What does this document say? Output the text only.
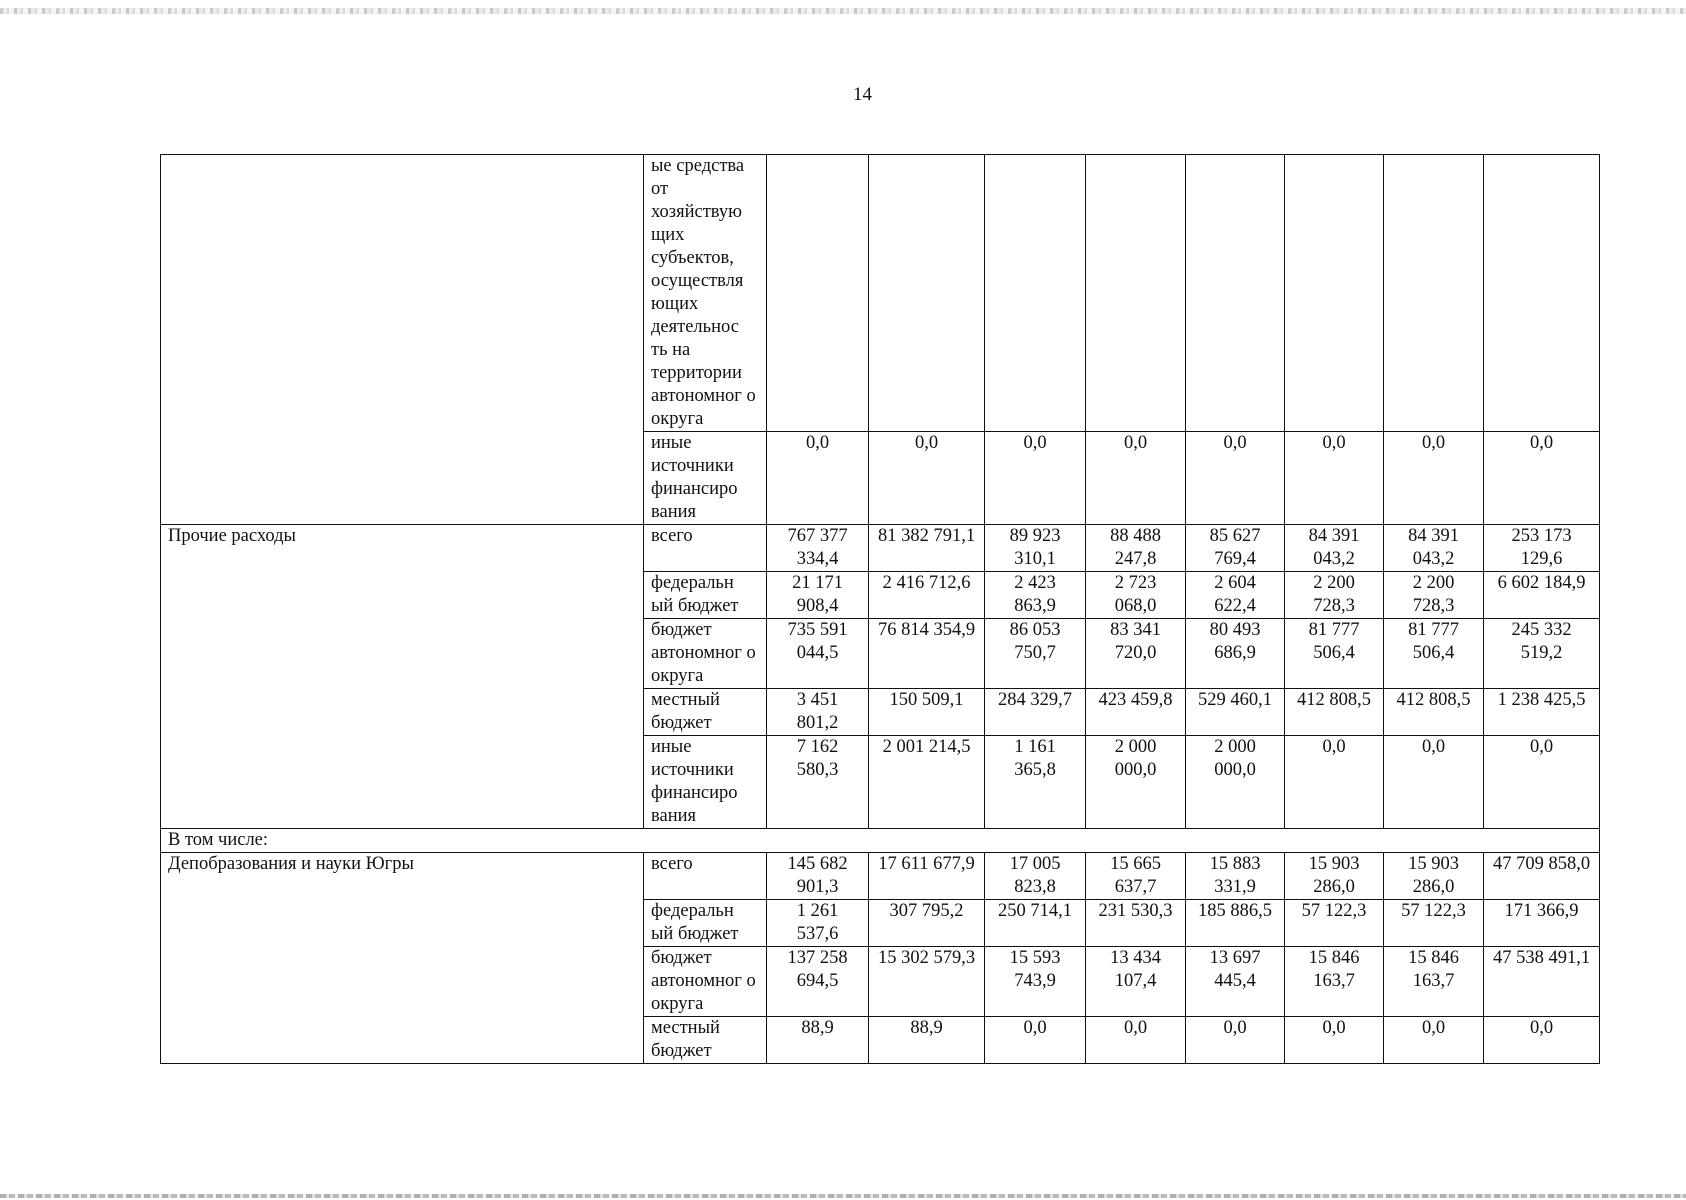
14
	ые средства от хозяйствую щих субъектов, осуществля ющих деятельнос ть на территории автономног о округа								
	иные источники финансиро вания	0,0	0,0	0,0	0,0	0,0	0,0	0,0	0,0
Прочие расходы	всего	767 377 334,4	81 382 791,1	89 923 310,1	88 488 247,8	85 627 769,4	84 391 043,2	84 391 043,2	253 173 129,6
	федеральн ый бюджет	21 171 908,4	2 416 712,6	2 423 863,9	2 723 068,0	2 604 622,4	2 200 728,3	2 200 728,3	6 602 184,9
	бюджет автономног о округа	735 591 044,5	76 814 354,9	86 053 750,7	83 341 720,0	80 493 686,9	81 777 506,4	81 777 506,4	245 332 519,2
	местный бюджет	3 451 801,2	150 509,1	284 329,7	423 459,8	529 460,1	412 808,5	412 808,5	1 238 425,5
	иные источники финансиро вания	7 162 580,3	2 001 214,5	1 161 365,8	2 000 000,0	2 000 000,0	0,0	0,0	0,0
В том числе:									
Депобразования и науки Югры	всего	145 682 901,3	17 611 677,9	17 005 823,8	15 665 637,7	15 883 331,9	15 903 286,0	15 903 286,0	47 709 858,0
	федеральн ый бюджет	1 261 537,6	307 795,2	250 714,1	231 530,3	185 886,5	57 122,3	57 122,3	171 366,9
	бюджет автономног о округа	137 258 694,5	15 302 579,3	15 593 743,9	13 434 107,4	13 697 445,4	15 846 163,7	15 846 163,7	47 538 491,1
	местный бюджет	88,9	88,9	0,0	0,0	0,0	0,0	0,0	0,0
